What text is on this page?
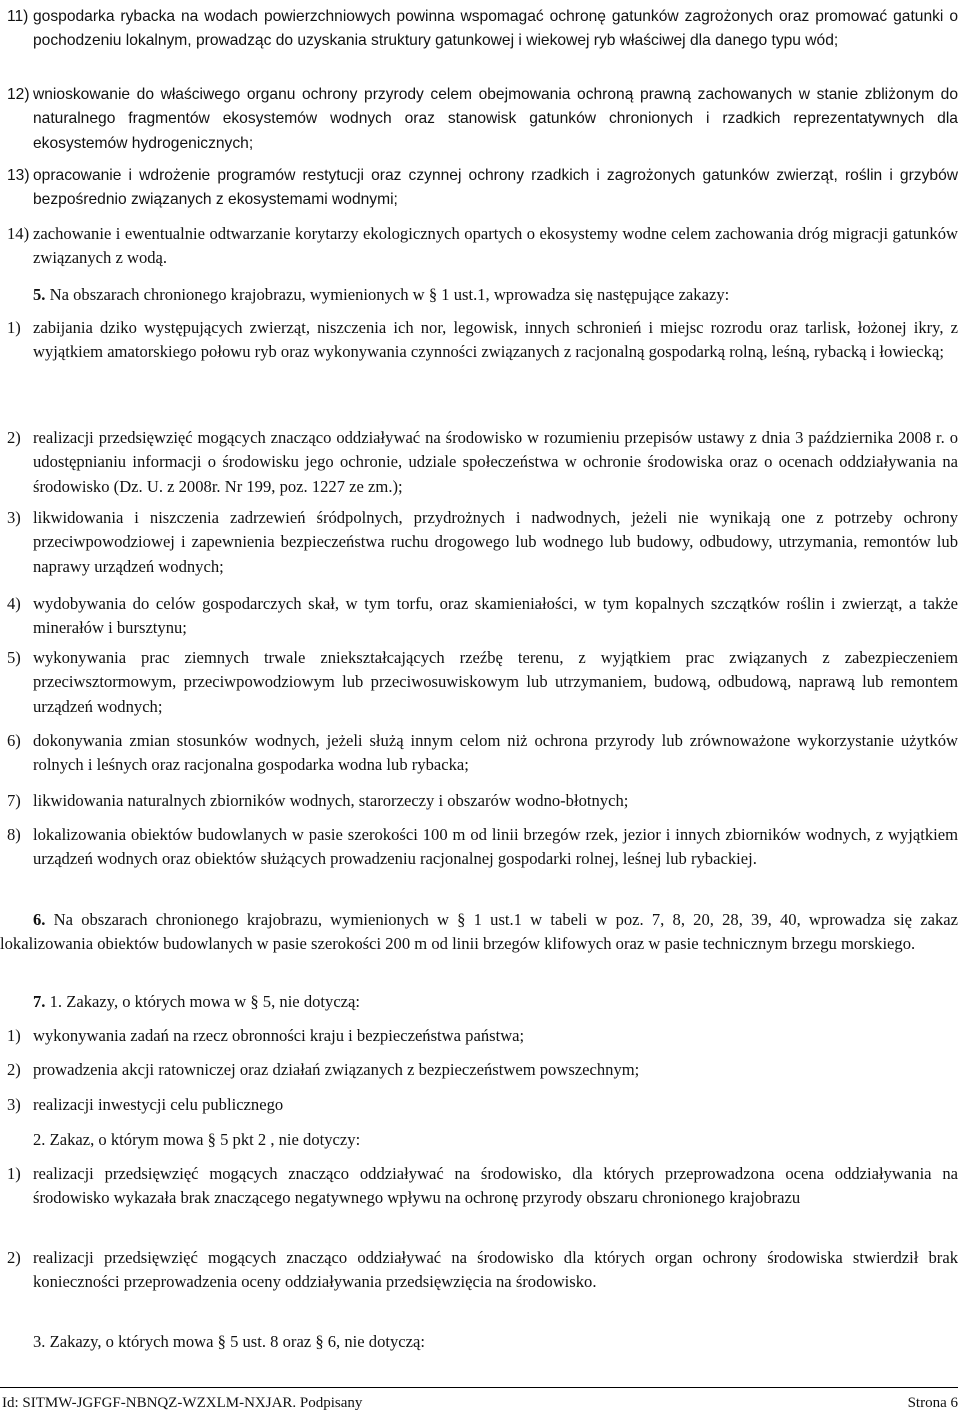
11) gospodarka rybacka na wodach powierzchniowych powinna wspomagać ochronę gatunków zagrożonych oraz promować gatunki o pochodzeniu lokalnym, prowadząc do uzyskania struktury gatunkowej i wiekowej ryb właściwej dla danego typu wód;
12) wnioskowanie do właściwego organu ochrony przyrody celem obejmowania ochroną prawną zachowanych w stanie zbliżonym do naturalnego fragmentów ekosystemów wodnych oraz stanowisk gatunków chronionych i rzadkich reprezentatywnych dla ekosystemów hydrogenicznych;
13) opracowanie i wdrożenie programów restytucji oraz czynnej ochrony rzadkich i zagrożonych gatunków zwierząt, roślin i grzybów bezpośrednio związanych z ekosystemami wodnymi;
14) zachowanie i ewentualnie odtwarzanie korytarzy ekologicznych opartych o ekosystemy wodne celem zachowania dróg migracji gatunków związanych z wodą.

5. Na obszarach chronionego krajobrazu, wymienionych w § 1 ust.1, wprowadza się następujące zakazy:

1) zabijania dziko występujących zwierząt, niszczenia ich nor, legowisk, innych schronień i miejsc rozrodu oraz tarlisk, łożonej ikry, z wyjątkiem amatorskiego połowu ryb oraz wykonywania czynności związanych z racjonalną gospodarką rolną, leśną, rybacką i łowiecką;
2) realizacji przedsięwzięć mogących znacząco oddziaływać na środowisko w rozumieniu przepisów ustawy z dnia 3 października 2008 r. o udostępnianiu informacji o środowisku jego ochronie, udziale społeczeństwa w ochronie środowiska oraz o ocenach oddziaływania na środowisko (Dz. U. z 2008r. Nr 199, poz. 1227 ze zm.);
3) likwidowania i niszczenia zadrzewień śródpolnych, przydrożnych i nadwodnych, jeżeli nie wynikają one z potrzeby ochrony przeciwpowodziowej i zapewnienia bezpieczeństwa ruchu drogowego lub wodnego lub budowy, odbudowy, utrzymania, remontów lub naprawy urządzeń wodnych;
4) wydobywania do celów gospodarczych skał, w tym torfu, oraz skamieniałości, w tym kopalnych szczątków roślin i zwierząt, a także minerałów i bursztynu;
5) wykonywania prac ziemnych trwale zniekształcających rzeźbę terenu, z wyjątkiem prac związanych z zabezpieczeniem przeciwsztormowym, przeciwpowodziowym lub przeciwosuwiskowym lub utrzymaniem, budową, odbudową, naprawą lub remontem urządzeń wodnych;
6) dokonywania zmian stosunków wodnych, jeżeli służą innym celom niż ochrona przyrody lub zrównoważone wykorzystanie użytków rolnych i leśnych oraz racjonalna gospodarka wodna lub rybacka;
7) likwidowania naturalnych zbiorników wodnych, starorzeczy i obszarów wodno-błotnych;
8) lokalizowania obiektów budowlanych w pasie szerokości 100 m od linii brzegów rzek, jezior i innych zbiorników wodnych, z wyjątkiem urządzeń wodnych oraz obiektów służących prowadzeniu racjonalnej gospodarki rolnej, leśnej lub rybackiej.

6. Na obszarach chronionego krajobrazu, wymienionych w § 1 ust.1 w tabeli w poz. 7, 8, 20, 28, 39, 40, wprowadza się zakaz lokalizowania obiektów budowlanych w pasie szerokości 200 m od linii brzegów klifowych oraz w pasie technicznym brzegu morskiego.

7. 1. Zakazy, o których mowa w § 5, nie dotyczą:

1) wykonywania zadań na rzecz obronności kraju i bezpieczeństwa państwa;
2) prowadzenia akcji ratowniczej oraz działań związanych z bezpieczeństwem powszechnym;
3) realizacji inwestycji celu publicznego

2. Zakaz, o którym mowa § 5 pkt 2 , nie dotyczy:

1) realizacji przedsięwzięć mogących znacząco oddziaływać na środowisko, dla których przeprowadzona ocena oddziaływania na środowisko wykazała brak znaczącego negatywnego wpływu na ochronę przyrody obszaru chronionego krajobrazu
2) realizacji przedsięwzięć mogących znacząco oddziaływać na środowisko dla których organ ochrony środowiska stwierdził brak konieczności przeprowadzenia oceny oddziaływania przedsięwzięcia na środowisko.

3. Zakazy, o których mowa § 5 ust. 8 oraz § 6, nie dotyczą:

Id: SITMW-JGFGF-NBNQZ-WZXLM-NXJAR. Podpisany	Strona 6
